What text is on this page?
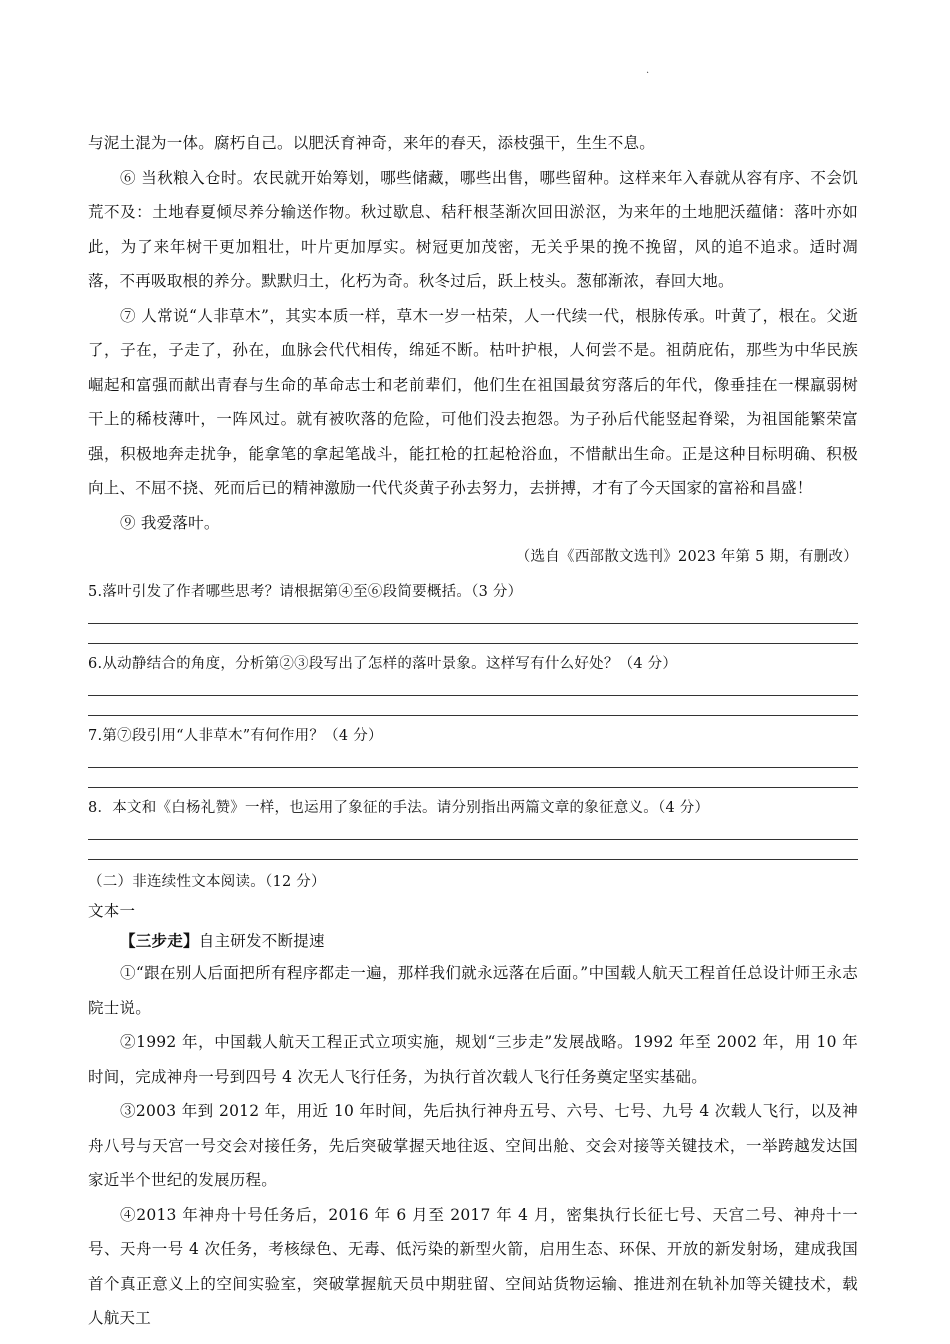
·

与泥土混为一体。腐朽自己。以肥沃育神奇，来年的春天，添枝强干，生生不息。

⑥ 当秋粮入仓时。农民就开始筹划，哪些储藏，哪些出售，哪些留种。这样来年入春就从容有序、不会饥荒不及：土地春夏倾尽养分输送作物。秋过歇息、秸秆根茎渐次回田淤沤，为来年的土地肥沃蕴储：落叶亦如此，为了来年树干更加粗壮，叶片更加厚实。树冠更加茂密，无关乎果的挽不挽留，风的追不追求。适时凋落，不再吸取根的养分。默默归土，化朽为奇。秋冬过后，跃上枝头。葱郁渐浓，春回大地。

⑦ 人常说“人非草木”，其实本质一样，草木一岁一枯荣，人一代续一代，根脉传承。叶黄了，根在。父逝了，子在，子走了，孙在，血脉会代代相传，绵延不断。枯叶护根，人何尝不是。祖荫庇佑，那些为中华民族崛起和富强而献出青春与生命的革命志士和老前辈们，他们生在祖国最贫穷落后的年代，像垂挂在一棵羸弱树干上的稀枝薄叶，一阵风过。就有被吹落的危险，可他们没去抱怨。为子孙后代能竖起脊梁，为祖国能繁荣富强，积极地奔走扰争，能拿笔的拿起笔战斗，能扛枪的扛起枪浴血，不惜献出生命。正是这种目标明确、积极向上、不屈不挠、死而后已的精神激励一代代炎黄子孙去努力，去拼搏，才有了今天国家的富裕和昌盛！

⑨ 我爱落叶。

（选自《西部散文选刊》2023 年第 5 期，有删改）

5.落叶引发了作者哪些思考？请根据第④至⑥段简要概括。（3 分）

6.从动静结合的角度，分析第②③段写出了怎样的落叶景象。这样写有什么好处？（4 分）

7.第⑦段引用“人非草木”有何作用？（4 分）

8．本文和《白杨礼赞》一样，也运用了象征的手法。请分别指出两篇文章的象征意义。（4 分）

（二）非连续性文本阅读。（12 分）

文本一

【三步走】自主研发不断提速

①“跟在别人后面把所有程序都走一遍，那样我们就永远落在后面。”中国载人航天工程首任总设计师王永志院士说。

②1992 年，中国载人航天工程正式立项实施，规划“三步走”发展战略。1992 年至 2002 年，用 10 年时间，完成神舟一号到四号 4 次无人飞行任务，为执行首次载人飞行任务奠定坚实基础。

③2003 年到 2012 年，用近 10 年时间，先后执行神舟五号、六号、七号、九号 4 次载人飞行，以及神舟八号与天宫一号交会对接任务，先后突破掌握天地往返、空间出舱、交会对接等关键技术，一举跨越发达国家近半个世纪的发展历程。

④2013 年神舟十号任务后，2016 年 6 月至 2017 年 4 月，密集执行长征七号、天宫二号、神舟十一号、天舟一号 4 次任务，考核绿色、无毒、低污染的新型火箭，启用生态、环保、开放的新发射场，建成我国首个真正意义上的空间实验室，突破掌握航天员中期驻留、空间站货物运输、推进剂在轨补加等关键技术，载人航天工
